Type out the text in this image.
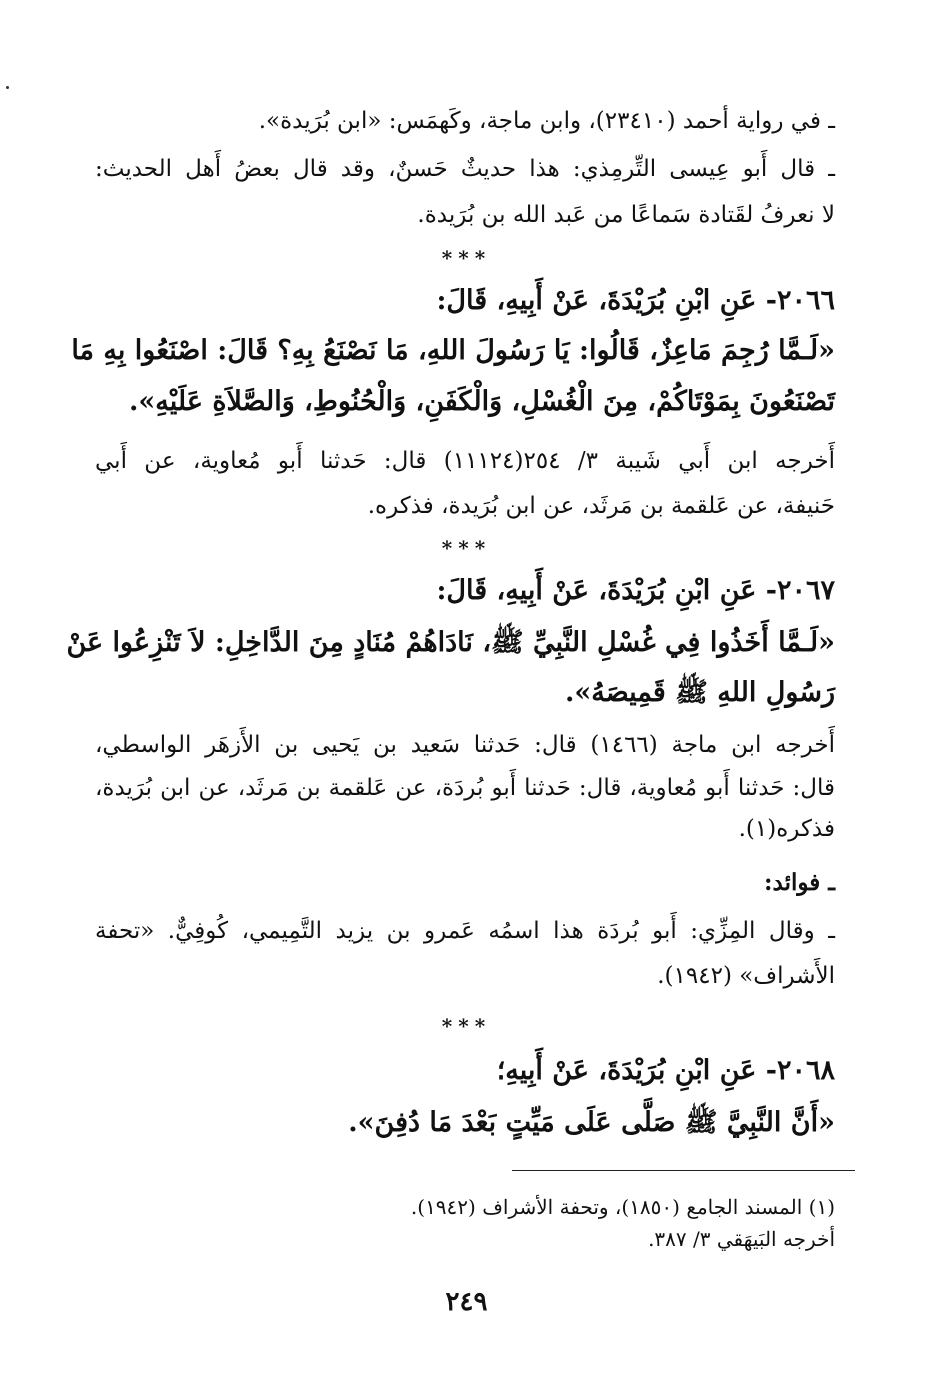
ـ في رواية أحمد (٢٣٤١٠)، وابن ماجة، وكَهمَس: «ابن بُرَيدة».
ـ قال أَبو عِيسى التِّرمِذي: هذا حديثٌ حَسنٌ، وقد قال بعضُ أَهل الحديث:
لا نعرفُ لقَتادة سَماعًا من عَبد الله بن بُرَيدة.
***
٢٠٦٦- عَنِ ابْنِ بُرَيْدَةَ، عَنْ أَبِيهِ، قَالَ:
«لَـمَّا رُجِمَ مَاعِزٌ، قَالُوا: يَا رَسُولَ اللهِ، مَا نَصْنَعُ بِهِ؟ قَالَ: اصْنَعُوا بِهِ مَا
تَصْنَعُونَ بِمَوْتَاكُمْ، مِنَ الْغُسْلِ، وَالْكَفَنِ، وَالْحُنُوطِ، وَالصَّلاَةِ عَلَيْهِ».
أَخرجه ابن أَبي شَيبة ٣/ ٢٥٤(١١١٢٤) قال: حَدثنا أَبو مُعاوية، عن أَبي
حَنيفة، عن عَلقمة بن مَرثَد، عن ابن بُرَيدة، فذكره.
***
٢٠٦٧- عَنِ ابْنِ بُرَيْدَةَ، عَنْ أَبِيهِ، قَالَ:
«لَـمَّا أَخَذُوا فِي غُسْلِ النَّبِيِّ ﷺ، نَادَاهُمْ مُنَادٍ مِنَ الدَّاخِلِ: لاَ تَنْزِعُوا عَنْ
رَسُولِ اللهِ ﷺ قَمِيصَهُ».
أَخرجه ابن ماجة (١٤٦٦) قال: حَدثنا سَعيد بن يَحيى بن الأَزهَر الواسطي،
قال: حَدثنا أَبو مُعاوية، قال: حَدثنا أَبو بُردَة، عن عَلقمة بن مَرثَد، عن ابن بُرَيدة،
فذكره(١).
ـ فوائد:
ـ وقال المِزِّي: أَبو بُردَة هذا اسمُه عَمرو بن يزيد التَّمِيمي، كُوفِيٌّ. «تحفة
الأَشراف» (١٩٤٢).
***
٢٠٦٨- عَنِ ابْنِ بُرَيْدَةَ، عَنْ أَبِيهِ؛
«أَنَّ النَّبِيَّ ﷺ صَلَّى عَلَى مَيِّتٍ بَعْدَ مَا دُفِنَ».
(١) المسند الجامع (١٨٥٠)، وتحفة الأشراف (١٩٤٢).
أخرجه البَيهَقي ٣/ ٣٨٧.
٢٤٩
